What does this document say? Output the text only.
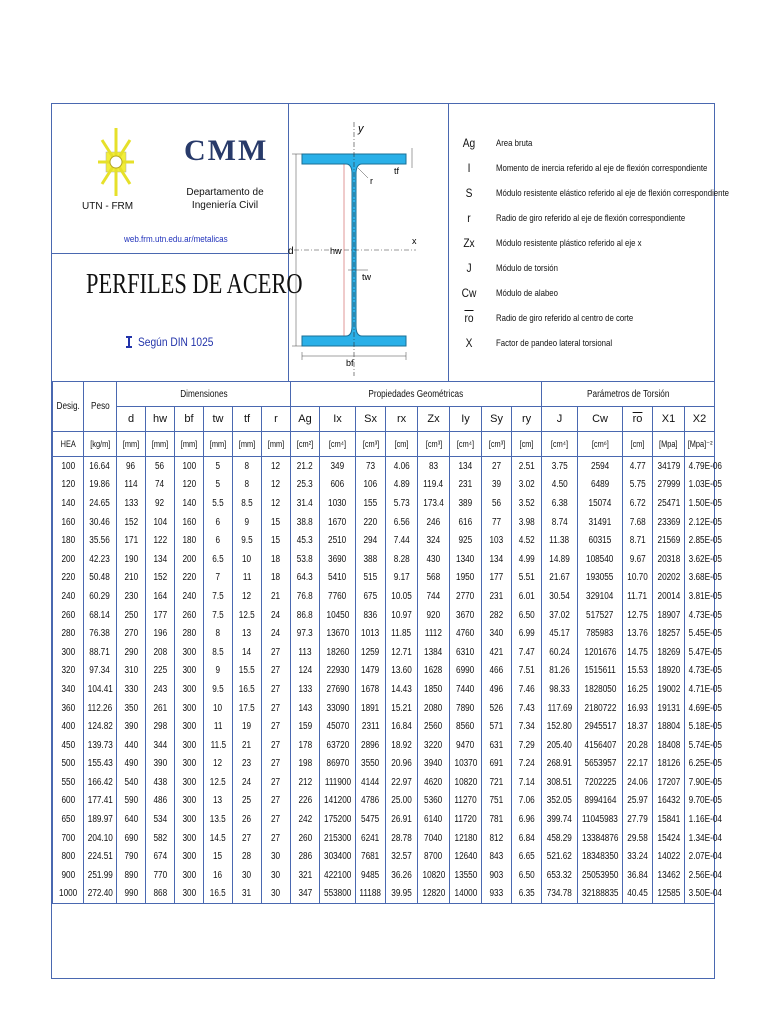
CMM
UTN - FRM
Departamento de Ingeniería Civil
web.frm.utn.edu.ar/metalicas
PERFILES DE ACERO
Según DIN 1025
y
tf
r
d	hw
x
tw
bf
Ag	Area bruta
I	Momento de inercia referido al eje de flexión correspondiente
S	Módulo resistente elástico referido al eje de flexión correspondiente
r	Radio de giro referido al eje de flexión correspondiente
Zx	Módulo resistente plástico referido al eje x
J	Módulo de torsión
Cw	Módulo de alabeo
$\overline{ro}$	Radio de giro referido al centro de corte
X	Factor de pandeo lateral torsional
Desig.	Peso	Dimensiones						Propiedades Geométricas								Parámetros de Torsión				
		d	hw	bf	tw	tf	r	Ag	Ix	Sx	rx	Zx	Iy	Sy	ry	J	Cw	$\overline{ro}$	X1	X2
HEA	[kg/m]	[mm]	[mm]	[mm]	[mm]	[mm]	[mm]	[cm²]	[cm⁴]	[cm³]	[cm]	[cm³]	[cm⁴]	[cm³]	[cm]	[cm⁴]	[cm⁶]	[cm]	[Mpa]	[Mpa]⁻²
100	16.64	96	56	100	5	8	12	21.2	349	73	4.06	83	134	27	2.51	3.75	2594	4.77	34179	4.79E-06
120	19.86	114	74	120	5	8	12	25.3	606	106	4.89	119.4	231	39	3.02	4.50	6489	5.75	27999	1.03E-05
140	24.65	133	92	140	5.5	8.5	12	31.4	1030	155	5.73	173.4	389	56	3.52	6.38	15074	6.72	25471	1.50E-05
160	30.46	152	104	160	6	9	15	38.8	1670	220	6.56	246	616	77	3.98	8.74	31491	7.68	23369	2.12E-05
180	35.56	171	122	180	6	9.5	15	45.3	2510	294	7.44	324	925	103	4.52	11.38	60315	8.71	21569	2.85E-05
200	42.23	190	134	200	6.5	10	18	53.8	3690	388	8.28	430	1340	134	4.99	14.89	108540	9.67	20318	3.62E-05
220	50.48	210	152	220	7	11	18	64.3	5410	515	9.17	568	1950	177	5.51	21.67	193055	10.70	20202	3.68E-05
240	60.29	230	164	240	7.5	12	21	76.8	7760	675	10.05	744	2770	231	6.01	30.54	329104	11.71	20014	3.81E-05
260	68.14	250	177	260	7.5	12.5	24	86.8	10450	836	10.97	920	3670	282	6.50	37.02	517527	12.75	18907	4.73E-05
280	76.38	270	196	280	8	13	24	97.3	13670	1013	11.85	1112	4760	340	6.99	45.17	785983	13.76	18257	5.45E-05
300	88.71	290	208	300	8.5	14	27	113	18260	1259	12.71	1384	6310	421	7.47	60.24	1201676	14.75	18269	5.47E-05
320	97.34	310	225	300	9	15.5	27	124	22930	1479	13.60	1628	6990	466	7.51	81.26	1515611	15.53	18920	4.73E-05
340	104.41	330	243	300	9.5	16.5	27	133	27690	1678	14.43	1850	7440	496	7.46	98.33	1828050	16.25	19002	4.71E-05
360	112.26	350	261	300	10	17.5	27	143	33090	1891	15.21	2080	7890	526	7.43	117.69	2180722	16.93	19131	4.69E-05
400	124.82	390	298	300	11	19	27	159	45070	2311	16.84	2560	8560	571	7.34	152.80	2945517	18.37	18804	5.18E-05
450	139.73	440	344	300	11.5	21	27	178	63720	2896	18.92	3220	9470	631	7.29	205.40	4156407	20.28	18408	5.74E-05
500	155.43	490	390	300	12	23	27	198	86970	3550	20.96	3940	10370	691	7.24	268.91	5653957	22.17	18126	6.25E-05
550	166.42	540	438	300	12.5	24	27	212	111900	4144	22.97	4620	10820	721	7.14	308.51	7202225	24.06	17207	7.90E-05
600	177.41	590	486	300	13	25	27	226	141200	4786	25.00	5360	11270	751	7.06	352.05	8994164	25.97	16432	9.70E-05
650	189.97	640	534	300	13.5	26	27	242	175200	5475	26.91	6140	11720	781	6.96	399.74	11045983	27.79	15841	1.16E-04
700	204.10	690	582	300	14.5	27	27	260	215300	6241	28.78	7040	12180	812	6.84	458.29	13384876	29.58	15424	1.34E-04
800	224.51	790	674	300	15	28	30	286	303400	7681	32.57	8700	12640	843	6.65	521.62	18348350	33.24	14022	2.07E-04
900	251.99	890	770	300	16	30	30	321	422100	9485	36.26	10820	13550	903	6.50	653.32	25053950	36.84	13462	2.56E-04
1000	272.40	990	868	300	16.5	31	30	347	553800	11188	39.95	12820	14000	933	6.35	734.78	32188835	40.45	12585	3.50E-04
